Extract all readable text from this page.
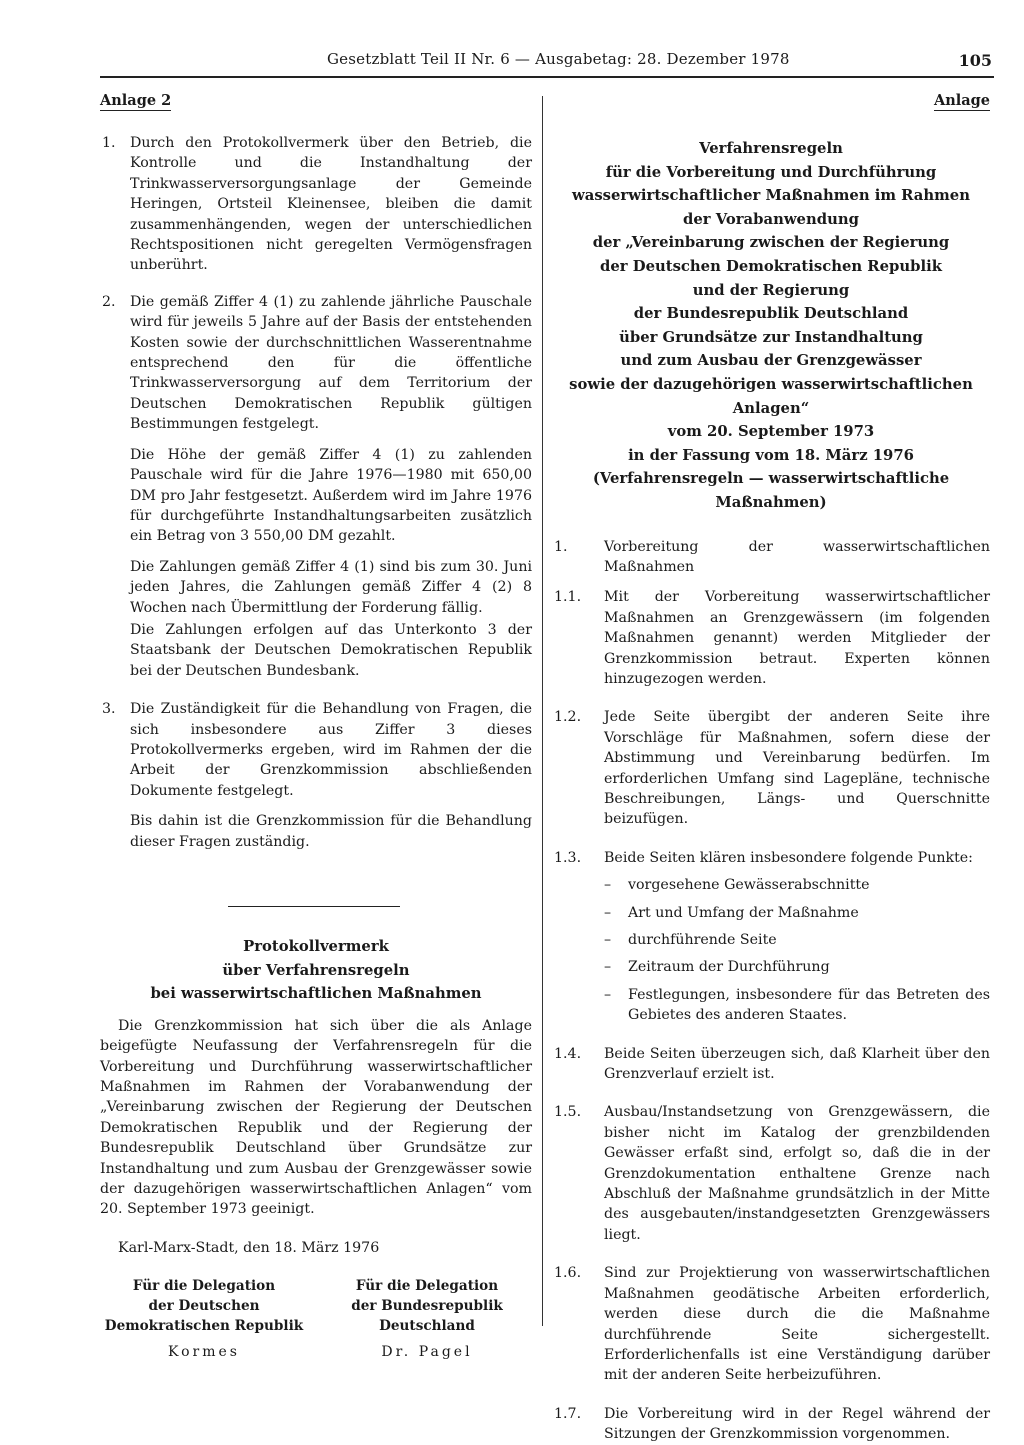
Gesetzblatt Teil II Nr. 6 — Ausgabetag: 28. Dezember 1978	105
Anlage 2
1.	Durch den Protokollvermerk über den Betrieb, die Kontrolle und die Instandhaltung der Trinkwasserversorgungsanlage der Gemeinde Heringen, Ortsteil Kleinensee, bleiben die damit zusammenhängenden, wegen der unterschiedlichen Rechtspositionen nicht geregelten Vermögensfragen unberührt.

2.	Die gemäß Ziffer 4 (1) zu zahlende jährliche Pauschale wird für jeweils 5 Jahre auf der Basis der entstehenden Kosten sowie der durchschnittlichen Wasserentnahme entsprechend den für die öffentliche Trinkwasserversorgung auf dem Territorium der Deutschen Demokratischen Republik gültigen Bestimmungen festgelegt.

Die Höhe der gemäß Ziffer 4 (1) zu zahlenden Pauschale wird für die Jahre 1976—1980 mit 650,00 DM pro Jahr festgesetzt. Außerdem wird im Jahre 1976 für durchgeführte Instandhaltungsarbeiten zusätzlich ein Betrag von 3 550,00 DM gezahlt.

Die Zahlungen gemäß Ziffer 4 (1) sind bis zum 30. Juni jeden Jahres, die Zahlungen gemäß Ziffer 4 (2) 8 Wochen nach Übermittlung der Forderung fällig.

Die Zahlungen erfolgen auf das Unterkonto 3 der Staatsbank der Deutschen Demokratischen Republik bei der Deutschen Bundesbank.

3.	Die Zuständigkeit für die Behandlung von Fragen, die sich insbesondere aus Ziffer 3 dieses Protokollvermerks ergeben, wird im Rahmen der die Arbeit der Grenzkommission abschließenden Dokumente festgelegt.

Bis dahin ist die Grenzkommission für die Behandlung dieser Fragen zuständig.

Protokollvermerk
über Verfahrensregeln
bei wasserwirtschaftlichen Maßnahmen

Die Grenzkommission hat sich über die als Anlage beigefügte Neufassung der Verfahrensregeln für die Vorbereitung und Durchführung wasserwirtschaftlicher Maßnahmen im Rahmen der Vorabanwendung der „Vereinbarung zwischen der Regierung der Deutschen Demokratischen Republik und der Regierung der Bundesrepublik Deutschland über Grundsätze zur Instandhaltung und zum Ausbau der Grenzgewässer sowie der dazugehörigen wasserwirtschaftlichen Anlagen“ vom 20. September 1973 geeinigt.

Karl-Marx-Stadt, den 18. März 1976
Für die Delegation
der Deutschen
Demokratischen Republik
Kormes
Für die Delegation
der Bundesrepublik
Deutschland
Dr. Pagel
Anlage
Verfahrensregeln
für die Vorbereitung und Durchführung
wasserwirtschaftlicher Maßnahmen im Rahmen
der Vorabanwendung
der „Vereinbarung zwischen der Regierung
der Deutschen Demokratischen Republik
und der Regierung
der Bundesrepublik Deutschland
über Grundsätze zur Instandhaltung
und zum Ausbau der Grenzgewässer
sowie der dazugehörigen wasserwirtschaftlichen Anlagen“
vom 20. September 1973
in der Fassung vom 18. März 1976
(Verfahrensregeln — wasserwirtschaftliche Maßnahmen)
1.	Vorbereitung der wasserwirtschaftlichen Maßnahmen

1.1.	Mit der Vorbereitung wasserwirtschaftlicher Maßnahmen an Grenzgewässern (im folgenden Maßnahmen genannt) werden Mitglieder der Grenzkommission betraut. Experten können hinzugezogen werden.

1.2.	Jede Seite übergibt der anderen Seite ihre Vorschläge für Maßnahmen, sofern diese der Abstimmung und Vereinbarung bedürfen. Im erforderlichen Umfang sind Lagepläne, technische Beschreibungen, Längs- und Querschnitte beizufügen.

1.3.	Beide Seiten klären insbesondere folgende Punkte:

–	vorgesehene Gewässerabschnitte
–	Art und Umfang der Maßnahme
–	durchführende Seite
–	Zeitraum der Durchführung
–	Festlegungen, insbesondere für das Betreten des Gebietes des anderen Staates.
1.4.	Beide Seiten überzeugen sich, daß Klarheit über den Grenzverlauf erzielt ist.

1.5.	Ausbau/Instandsetzung von Grenzgewässern, die bisher nicht im Katalog der grenzbildenden Gewässer erfaßt sind, erfolgt so, daß die in der Grenzdokumentation enthaltene Grenze nach Abschluß der Maßnahme grundsätzlich in der Mitte des ausgebauten/instandgesetzten Grenzgewässers liegt.

1.6.	Sind zur Projektierung von wasserwirtschaftlichen Maßnahmen geodätische Arbeiten erforderlich, werden diese durch die die Maßnahme durchführende Seite sichergestellt. Erforderlichenfalls ist eine Verständigung darüber mit der anderen Seite herbeizuführen.

1.7.	Die Vorbereitung wird in der Regel während der Sitzungen der Grenzkommission vorgenommen.
